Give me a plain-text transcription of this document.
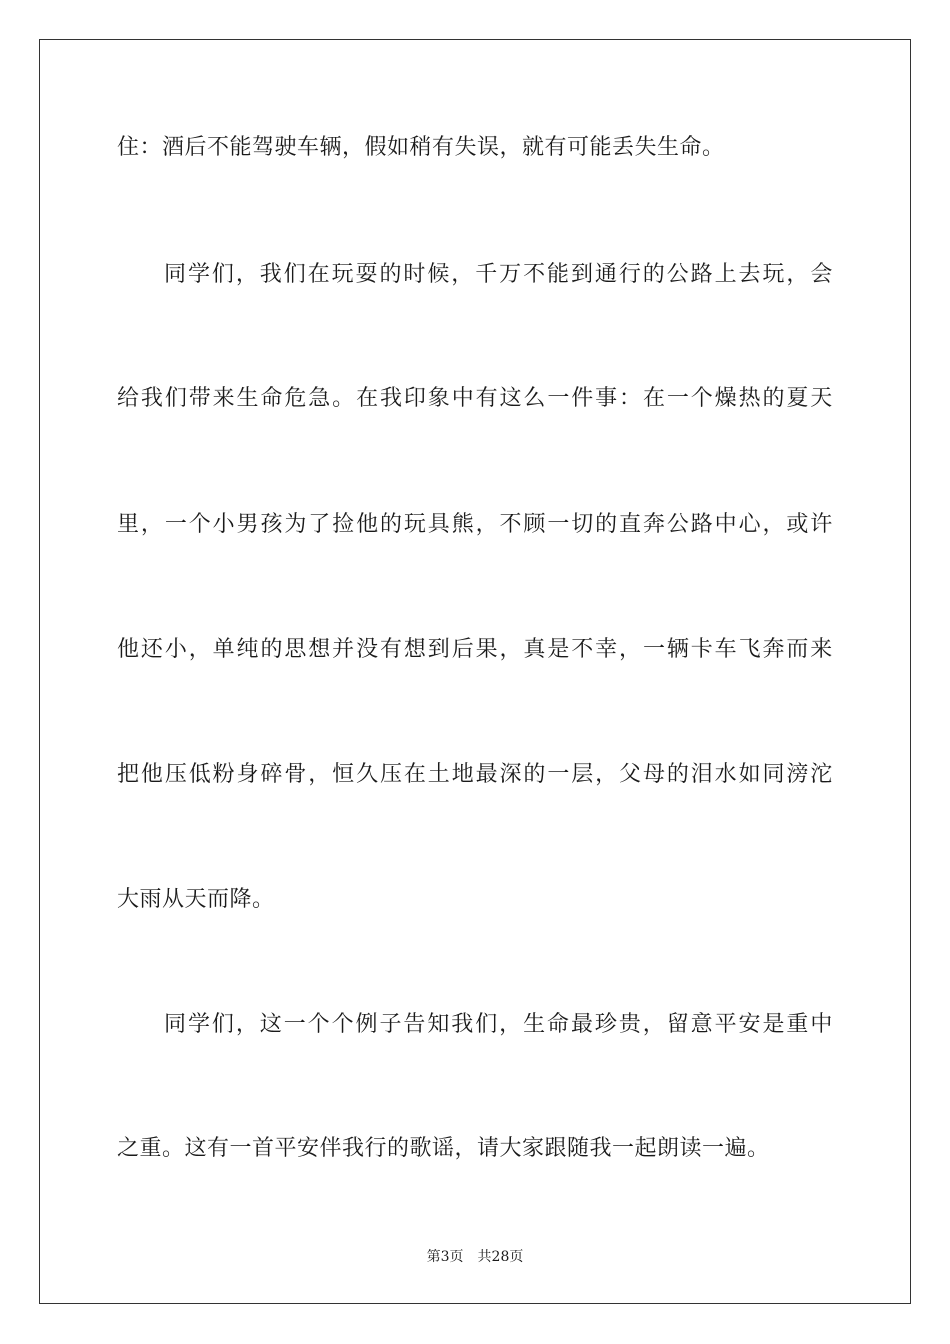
住：酒后不能驾驶车辆，假如稍有失误，就有可能丢失生命。
同 学 们 ， 我 们 在 玩 耍 的 时 候 ， 千 万 不 能 到 通 行 的 公 路 上 去 玩 ， 会
给 我 们 带 来 生 命 危 急 。 在 我 印 象 中 有 这 么 一 件 事 ： 在 一 个 燥 热 的 夏 天
里 ， 一 个 小 男 孩 为 了 捡 他 的 玩 具 熊 ， 不 顾 一 切 的 直 奔 公 路 中 心 ， 或 许
他 还 小 ， 单 纯 的 思 想 并 没 有 想 到 后 果 ， 真 是 不 幸 ， 一 辆 卡 车 飞 奔 而 来
把 他 压 低 粉 身 碎 骨 ， 恒 久 压 在 土 地 最 深 的 一 层 ， 父 母 的 泪 水 如 同 滂 沱
大雨从天而降。
同 学 们 ， 这 一 个 个 例 子 告 知 我 们 ， 生 命 最 珍 贵 ， 留 意 平 安 是 重 中
之重。这有一首平安伴我行的歌谣，请大家跟随我一起朗读一遍。
第3页 共28页
